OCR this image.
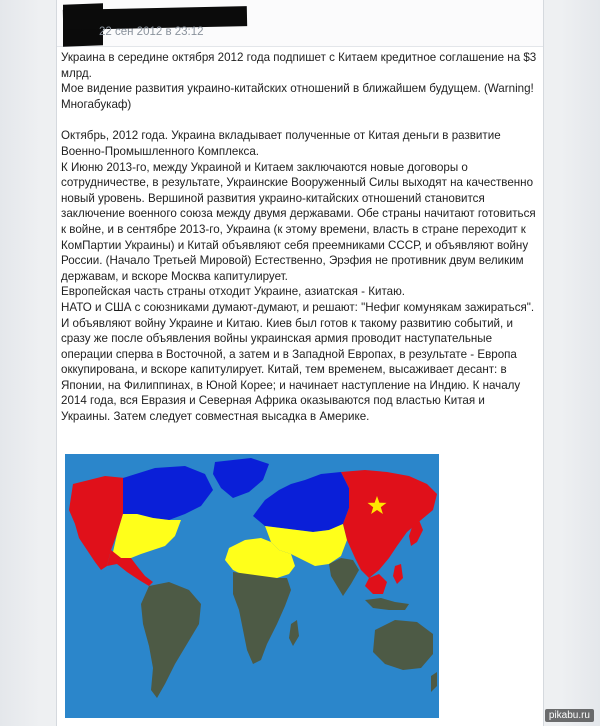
22 сен 2012 в 23:12

Украина в середине октября 2012 года подпишет с Китаем кредитное соглашение на $3 млрд.
Мое видение развития украино-китайских отношений в ближайшем будущем. (Warning! Многабукаф)

Октябрь, 2012 года. Украина вкладывает полученные от Китая деньги в развитие Военно-Промышленного Комплекса.
К Июню 2013-го, между Украиной и Китаем заключаются новые договоры о сотрудничестве, в результате, Украинские Вооруженный Силы выходят на качественно новый уровень. Вершиной развития украино-китайских отношений становится заключение военного союза между двумя державами. Обе страны начитают готовиться к войне, и в сентябре 2013-го, Украина (к этому времени, власть в стране переходит к КомПартии Украины) и Китай объявляют себя преемниками СССР, и объявляют войну России. (Начало Третьей Мировой) Естественно, Эрэфия не противник двум великим державам, и вскоре Москва капитулирует.
Европейская часть страны отходит Украине, азиатская - Китаю.
НАТО и США с союзниками думают-думают, и решают: "Нефиг комунякам зажираться". И объявляют войну Украине и Китаю. Киев был готов к такому развитию событий, и сразу же после объявления войны украинская армия проводит наступательные операции сперва в Восточной, а затем и в Западной Европах, в результате - Европа оккупирована, и вскоре капитулирует. Китай, тем временем, высаживает десант: в Японии, на Филиппинах, в Юной Корее; и начинает наступление на Индию. К началу 2014 года, вся Евразия и Северная Африка оказываются под властью Китая и Украины. Затем следует совместная высадка в Америке.

pikabu.ru
